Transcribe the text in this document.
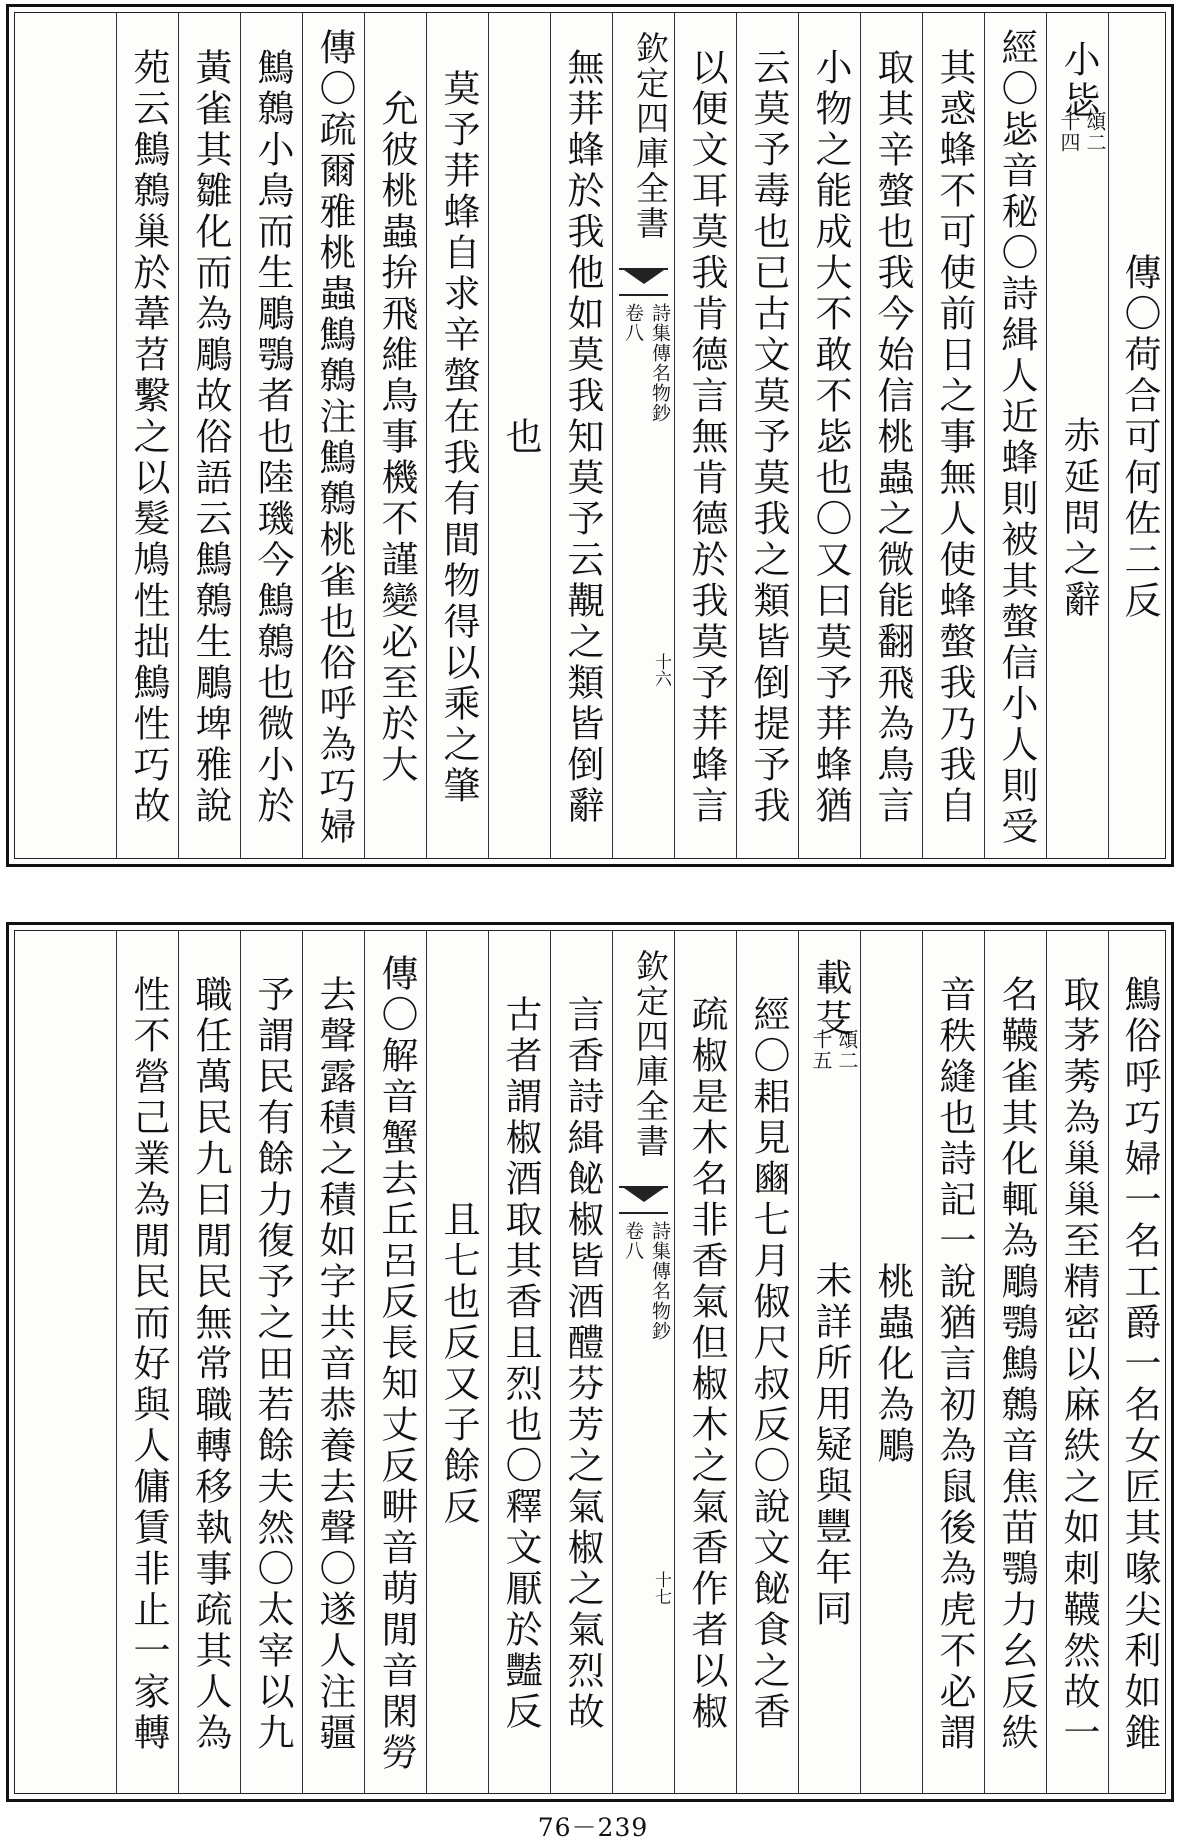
傳〇荷合可何佐二反
小毖
頌二
十四
赤延問之辭
經〇毖音秘〇詩緝人近蜂則被其螫信小人則受
其惑蜂不可使前日之事無人使蜂螫我乃我自
取其辛螫也我今始信桃蟲之微能翻飛為鳥言
小物之能成大不敢不毖也〇又曰莫予荓蜂猶
云莫予毒也已古文莫予莫我之類皆倒提予我
以便文耳莫我肯德言無肯德於我莫予荓蜂言
欽定四庫全書
詩集傳名物鈔 卷八
十六
無荓蜂於我他如莫我知莫予云覯之類皆倒辭
也
莫予荓蜂自求辛螫在我有間物得以乘之肇
允彼桃蟲拚飛維鳥事機不謹變必至於大
傳〇疏爾雅桃蟲鷦鷯注鷦鷯桃雀也俗呼為巧婦
鷦鷯小鳥而生鵰鶚者也陸璣今鷦鷯也微小於
黃雀其雛化而為鵰故俗語云鷦鷯生鵰埤雅說
苑云鷦鷯巢於葦苕繫之以髮鳩性拙鷦性巧故
鷦俗呼巧婦一名工爵一名女匠其喙尖利如錐
取茅莠為巢巢至精密以麻紩之如刺韈然故一
名韈雀其化輒為鵰鶚鷦鷯音焦苗鶚力幺反紩
音秩縫也詩記一說猶言初為鼠後為虎不必謂
桃蟲化為鵰
載芟
頌二
十五
未詳所用疑與豐年同
經〇耜見豳七月俶尺叔反〇說文飶食之香
疏椒是木名非香氣但椒木之氣香作者以椒
欽定四庫全書
詩集傳名物鈔 卷八
十七
言香詩緝飶椒皆酒醴芬芳之氣椒之氣烈故
古者謂椒酒取其香且烈也〇釋文厭於豔反
且七也反又子餘反
傳〇解音蟹去丘呂反長知丈反畊音萌閒音閑勞
去聲露積之積如字共音恭養去聲〇遂人注疆
予謂民有餘力復予之田若餘夫然〇太宰以九
職任萬民九曰閒民無常職轉移執事疏其人為
性不營己業為閒民而好與人傭賃非止一家轉
76－239
